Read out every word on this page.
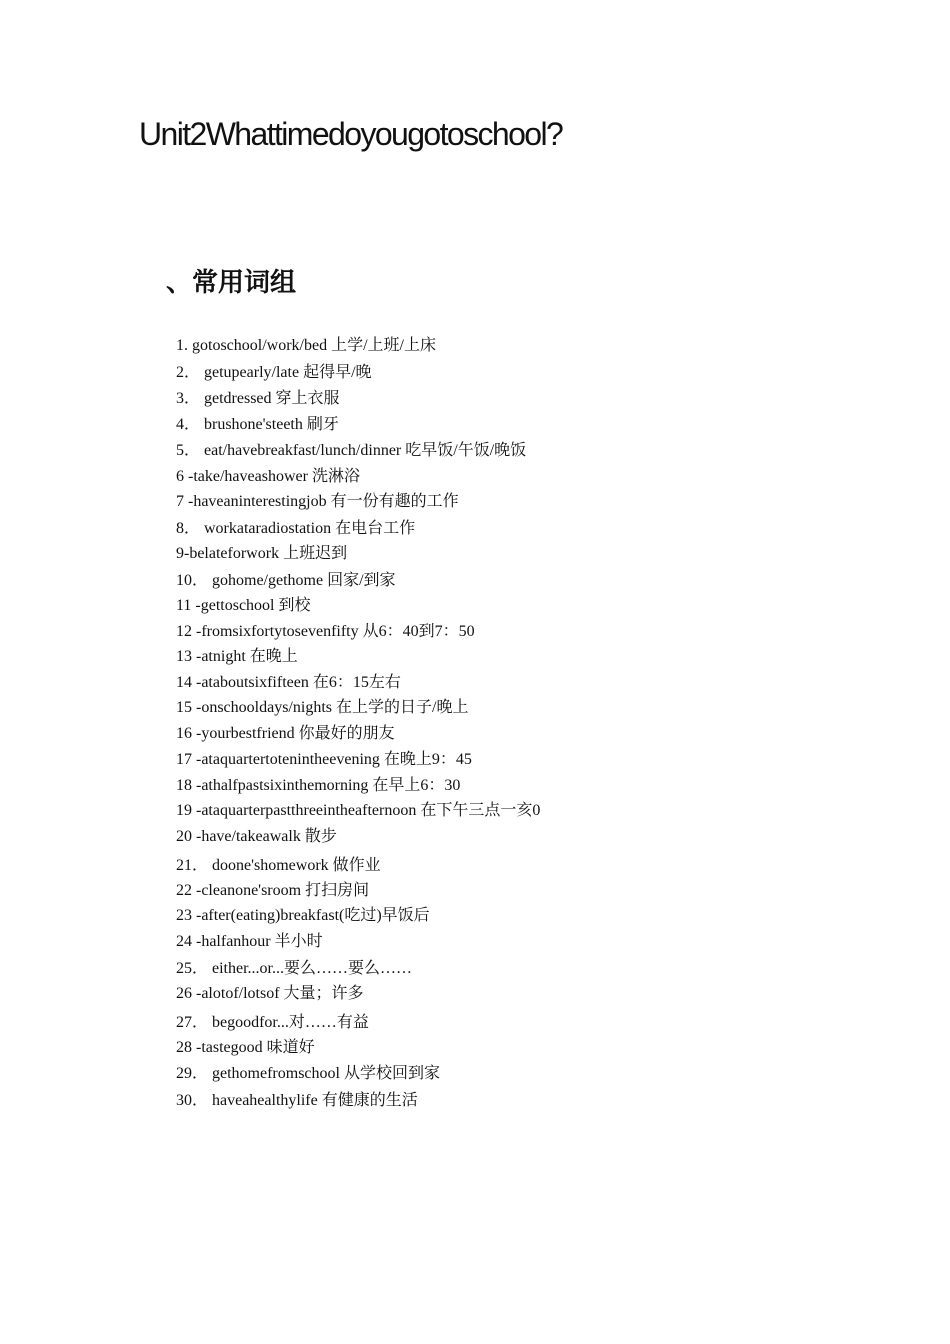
Unit2Whattimedoyougotoschool?
、常用词组
1. gotoschool/work/bed 上学/上班/上床
2． getupearly/late 起得早/晚
3． getdressed 穿上衣服
4． brushone'steeth 刷牙
5． eat/havebreakfast/lunch/dinner 吃早饭/午饭/晚饭
6 -take/haveashower 洗淋浴
7 -haveaninterestingjob 有一份有趣的工作
8． workataradiostation 在电台工作
9-belateforwork 上班迟到
10． gohome/gethome 回家/到家
11 -gettoschool 到校
12 -fromsixfortytosevenfifty 从6：40到7：50
13 -atnight 在晚上
14 -ataboutsixfifteen 在6：15左右
15 -onschooldays/nights 在上学的日子/晚上
16 -yourbestfriend 你最好的朋友
17 -ataquartertotenintheevening 在晚上9：45
18 -athalfpastsixinthemorning 在早上6：30
19 -ataquarterpastthreeintheafternoon 在下午三点一亥0
20 -have/takeawalk 散步
21． doone'shomework 做作业
22 -cleanone'sroom 打扫房间
23 -after(eating)breakfast(吃过)早饭后
24 -halfanhour 半小时
25． either...or...要么……要么……
26 -alotof/lotsof 大量；许多
27． begoodfor...对……有益
28 -tastegood 味道好
29． gethomefromschool 从学校回到家
30． haveahealthylife 有健康的生活
